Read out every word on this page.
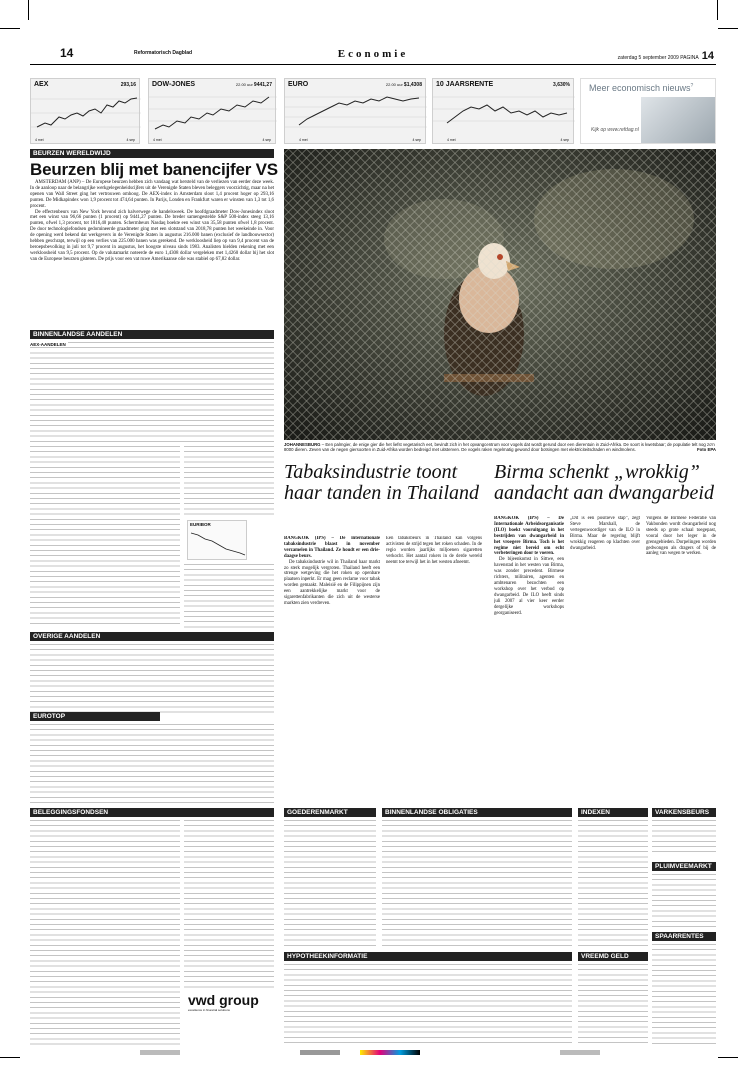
14	Reformatorisch Dagblad	Economie	zaterdag 5 september 2009 PAGINA 14
AEX	293,16
4 mei	4 sep
DOW-JONES	22.00 uur 9441,27
4 mei	4 sep
EURO	22.00 uur $1,4308
4 mei	4 sep
10 JAARSRENTE	3,630%
4 mei	4 sep
Meer economisch nieuws?
Kijk op www.refdag.nl
BEURZEN WERELDWIJD
Beurzen blij met banencijfer VS

AMSTERDAM (ANP) – De Europese beurzen hebben zich vandaag wat hersteld van de verliezen van eerder deze week. In de aanloop naar de belangrijke werkgelegenheidscijfers uit de Verenigde Staten bleven beleggers voorzichtig, maar na het openen van Wall Street ging het vertrouwen omhoog. De AEX-index in Amsterdam sloot 1,4 procent hoger op 293,16 punten. De Midkapindex won 1,9 procent tot 474,64 punten. In Parijs, Londen en Frankfurt waren er winsten van 1,3 tot 1,6 procent.

De effectenbeurs van New York bevond zich halverwege de handelsweek. De hoofdgraadmeter Dow-Jonesindex sloot met een winst van 96,66 punten (1 procent) op 9441,27 punten. De breder samengestelde S&P 500-index steeg 13,16 punten, ofwel 1,3 procent, tot 1016,40 punten. Schermbeurs Nasdaq boekte een winst van 35,58 punten ofwel 1,8 procent. De door technologiefondsen gedomineerde graadmeter ging met een slotstand van 2018,78 punten het weekeinde in. Voor de opening werd bekend dat werkgevers in de Verenigde Staten in augustus 216.000 banen (exclusief de landbouwsector) hebben geschrapt, terwijl op een verlies van 225.000 banen was gerekend. De werkloosheid liep op van 9,4 procent van de beroepsbevolking in juli tot 9,7 procent in augustus, het hoogste niveau sinds 1983. Analisten hielden rekening met een werkloosheid van 9,5 procent. Op de valutamarkt noteerde de euro 1,4308 dollar vergeleken met 1,4260 dollar bij het slot van de Europese beurzen gisteren. De prijs voor een vat ruwe Amerikaanse olie was stabiel op 67,82 dollar.

JOHANNESBURG – Een palmgier, de enige gier die het liefst vegetarisch eet, bevindt zich in het opvangcentrum voor vogels dat wordt gerund door een dierentuin in Zuid-Afrika. De soort is kwetsbaar; de populatie telt nog zo'n 8000 dieren. Zeven van de negen giersoorten in Zuid-Afrika worden bedreigd met uitsterven. De vogels raken regelmatig gewond door botsingen met elektriciteitsdraden en windmolens.	Foto EPA
BINNENLANDSE AANDELEN
AEX-AANDELEN
EURIBOR
OVERIGE AANDELEN
EUROTOP
Tabaksindustrie toont haar tanden in Thailand

BANGKOK (IPS) – De internationale tabaksindustrie blaast in november verzamelen in Thailand. Ze houdt er een drie-daagse beurs.

De tabaksindustrie wil in Thailand haar markt zo sterk mogelijk vergroten. Thailand heeft een strenge wetgeving die het roken op openbare plaatsen inperkt. Er mag geen reclame voor tabak worden gemaakt. Maleisië en de Filippijnen zijn een aantrekkelijke markt voor de sigarettenfabrikanten die zich uit de westerse markten zien verdreven.

Een tabaksbeurs in Thailand kan volgens activisten de strijd tegen het roken schaden. In de regio worden jaarlijks miljoenen sigaretten verkocht. Het aantal rokers in de derde wereld neemt toe terwijl het in het westen afneemt.

Birma schenkt „wrokkig” aandacht aan dwangarbeid

BANGKOK (IPS) – De Internationale Arbeidsorganisatie (ILO) boekt vooruitgang in het bestrijden van dwangarbeid in het vroegere Birma. Toch is het regime niet bereid om echt verbeteringen door te voeren.

De bijeenkomst in Sittwe, een havenstad in het westen van Birma, was zonder precedent. Birmese richters, militairen, agenten en ambtenaren bezochten een workshop over het verbod op dwangarbeid. De ILO heeft sinds juli 2007 al vier keer eerder dergelijke workshops georganiseerd.

„Dit is een positieve stap”, zegt Steve Marshall, de vertegenwoordiger van de ILO in Birma. Maar de regering blijft wrokkig reageren op klachten over dwangarbeid.

Volgens de Birmese Federatie van Vakbonden wordt dwangarbeid nog steeds op grote schaal toegepast, vooral door het leger in de grensgebieden. Dorpelingen worden gedwongen als dragers of bij de aanleg van wegen te werken.

BELEGGINGSFONDSEN
vwd group
excellence in financial solutions
GOEDERENMARKT	BINNENLANDSE OBLIGATIES
HYPOTHEEKINFORMATIE
INDEXEN	VARKENSBEURS
PLUIMVEEMARKT
VREEMD GELD
SPAARRENTES
